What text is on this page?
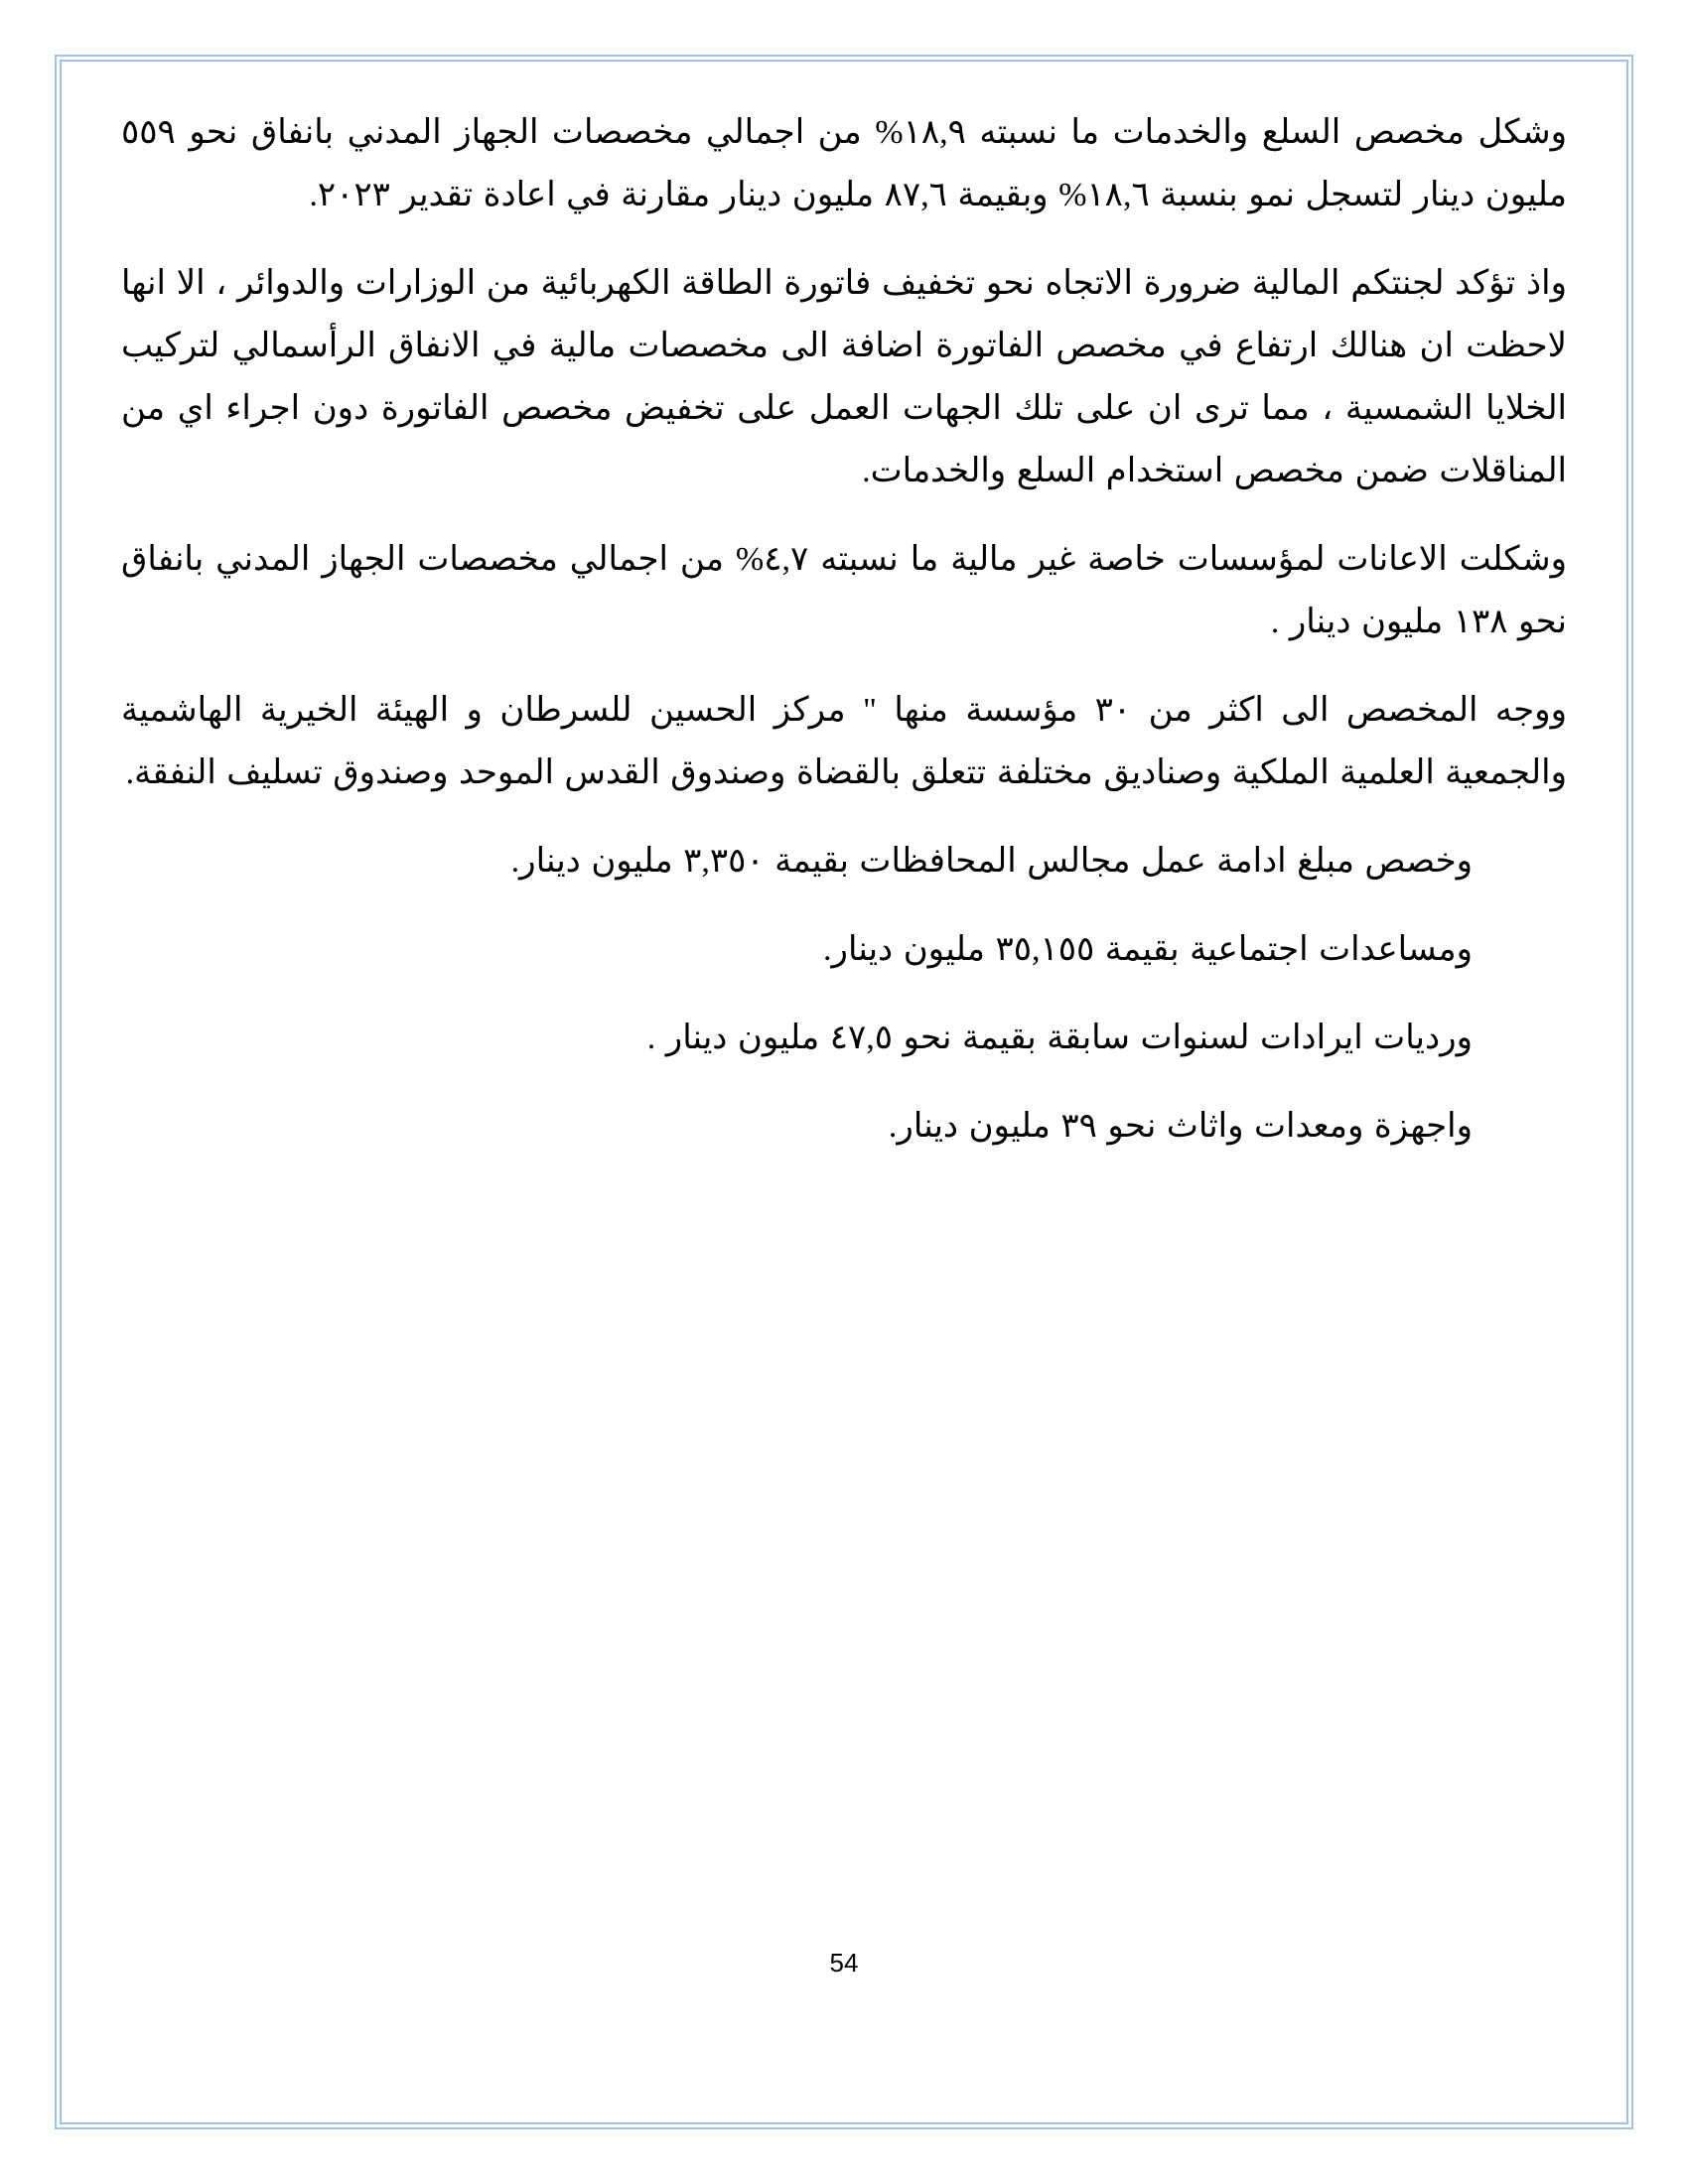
وشكل مخصص السلع والخدمات ما نسبته ١٨,٩% من اجمالي مخصصات الجهاز المدني بانفاق نحو ٥٥٩ مليون دينار لتسجل نمو بنسبة ١٨,٦% وبقيمة ٨٧,٦ مليون دينار مقارنة في اعادة تقدير ٢٠٢٣.

واذ تؤكد لجنتكم المالية ضرورة الاتجاه نحو تخفيف فاتورة الطاقة الكهربائية من الوزارات والدوائر ، الا انها لاحظت ان هنالك ارتفاع في مخصص الفاتورة اضافة الى مخصصات مالية في الانفاق الرأسمالي لتركيب الخلايا الشمسية ، مما ترى ان على تلك الجهات العمل على تخفيض مخصص الفاتورة دون اجراء اي من المناقلات ضمن مخصص استخدام السلع والخدمات.

وشكلت الاعانات لمؤسسات خاصة غير مالية ما نسبته ٤,٧% من اجمالي مخصصات الجهاز المدني بانفاق نحو ١٣٨ مليون دينار .

ووجه المخصص الى اكثر من ٣٠ مؤسسة منها " مركز الحسين للسرطان و الهيئة الخيرية الهاشمية والجمعية العلمية الملكية وصناديق مختلفة تتعلق بالقضاة وصندوق القدس الموحد وصندوق تسليف النفقة.

وخصص مبلغ ادامة عمل مجالس المحافظات بقيمة ٣,٣٥٠ مليون دينار.

ومساعدات اجتماعية بقيمة ٣٥,١٥٥ مليون دينار.

ورديات ايرادات لسنوات سابقة بقيمة نحو ٤٧,٥ مليون دينار .

واجهزة ومعدات واثاث نحو ٣٩ مليون دينار.

54
